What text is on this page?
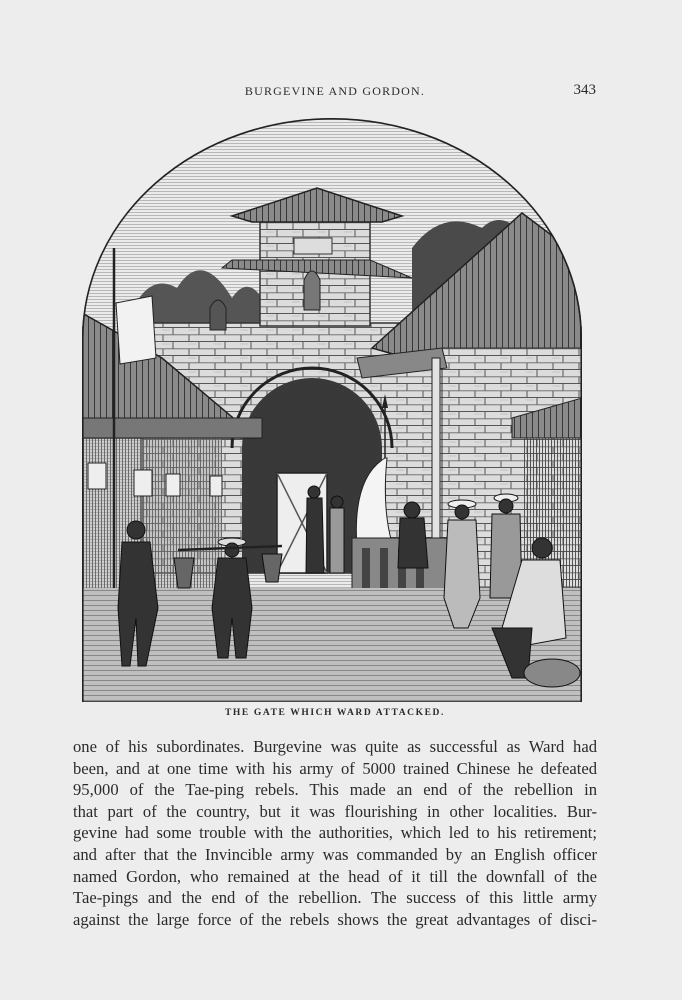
BURGEVINE AND GORDON.	343
THE GATE WHICH WARD ATTACKED.
one of his subordinates. Burgevine was quite as successful as Ward had
been, and at one time with his army of 5000 trained Chinese he defeated
95,000 of the Tae-ping rebels. This made an end of the rebellion in
that part of the country, but it was flourishing in other localities. Bur-
gevine had some trouble with the authorities, which led to his retirement;
and after that the Invincible army was commanded by an English officer
named Gordon, who remained at the head of it till the downfall of the
Tae-pings and the end of the rebellion. The success of this little army
against the large force of the rebels shows the great advantages of disci-
